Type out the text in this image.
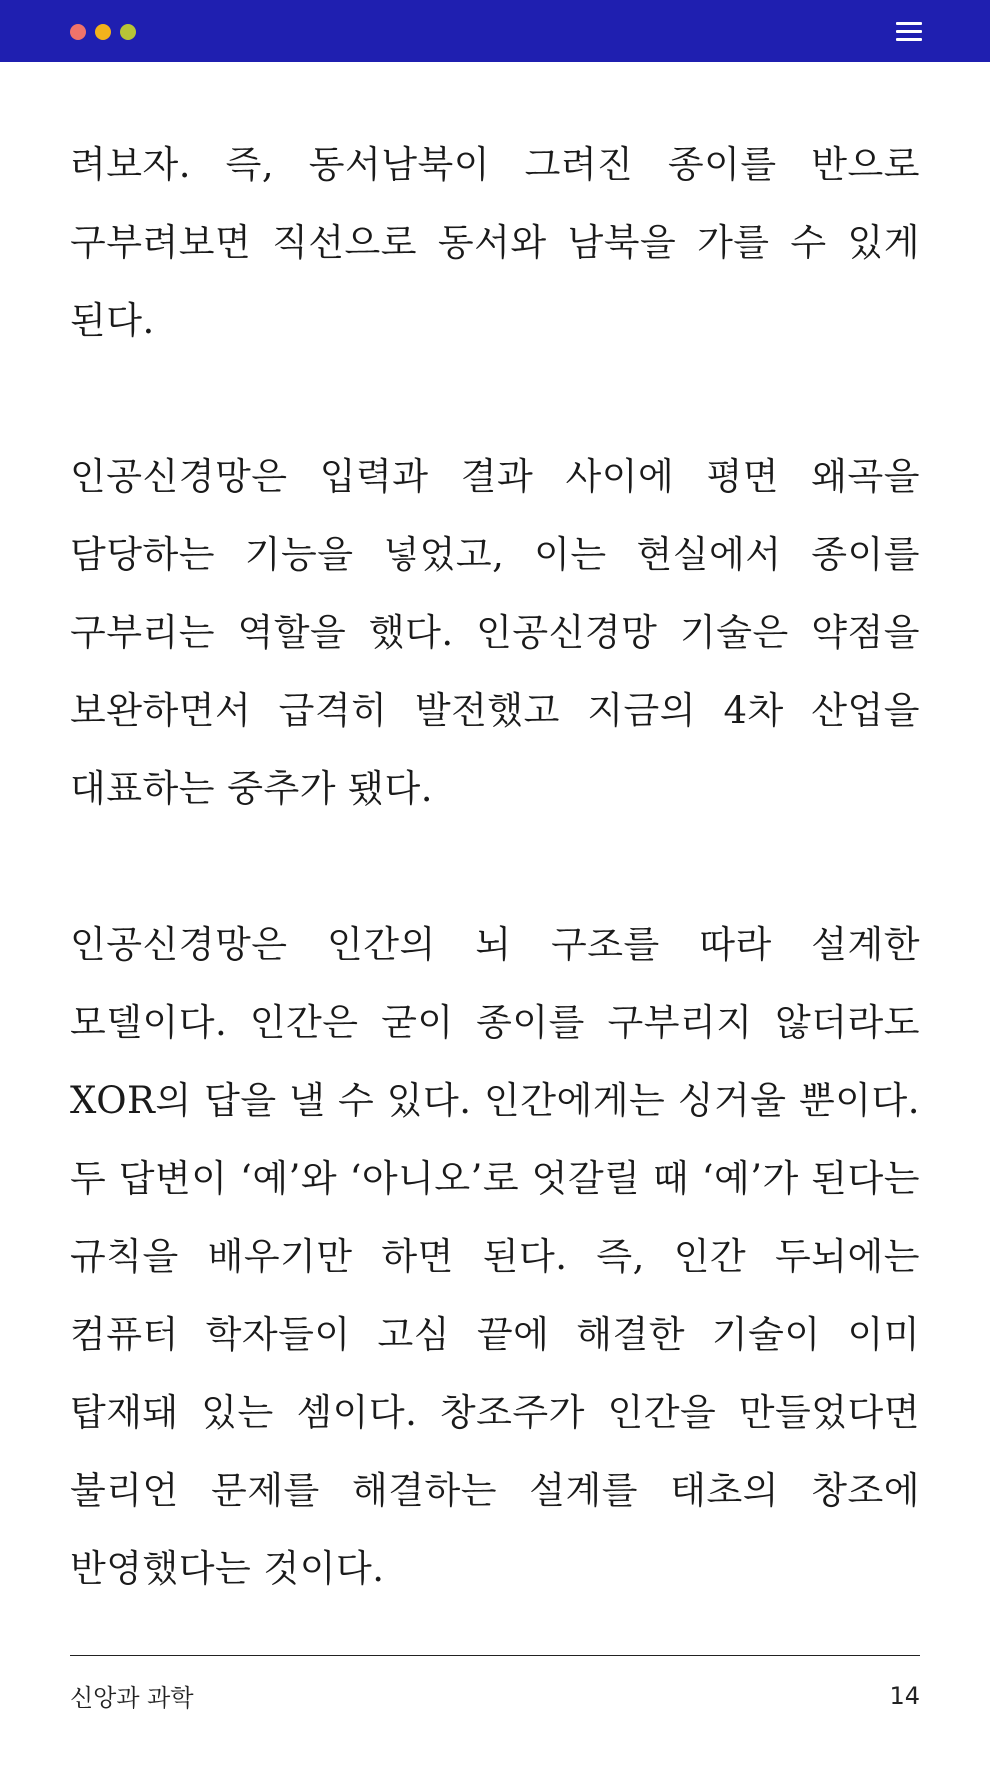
려보자. 즉, 동서남북이 그려진 종이를 반으로 구부려보면 직선으로 동서와 남북을 가를 수 있게 된다.

인공신경망은 입력과 결과 사이에 평면 왜곡을 담당하는 기능을 넣었고, 이는 현실에서 종이를 구부리는 역할을 했다. 인공신경망 기술은 약점을 보완하면서 급격히 발전했고 지금의 4차 산업을 대표하는 중추가 됐다.

인공신경망은 인간의 뇌 구조를 따라 설계한 모델이다. 인간은 굳이 종이를 구부리지 않더라도 XOR의 답을 낼 수 있다. 인간에게는 싱거울 뿐이다. 두 답변이 ‘예’와 ‘아니오’로 엇갈릴 때 ‘예’가 된다는 규칙을 배우기만 하면 된다. 즉, 인간 두뇌에는 컴퓨터 학자들이 고심 끝에 해결한 기술이 이미 탑재돼 있는 셈이다. 창조주가 인간을 만들었다면 불리언 문제를 해결하는 설계를 태초의 창조에 반영했다는 것이다.

신앙과 과학	14
